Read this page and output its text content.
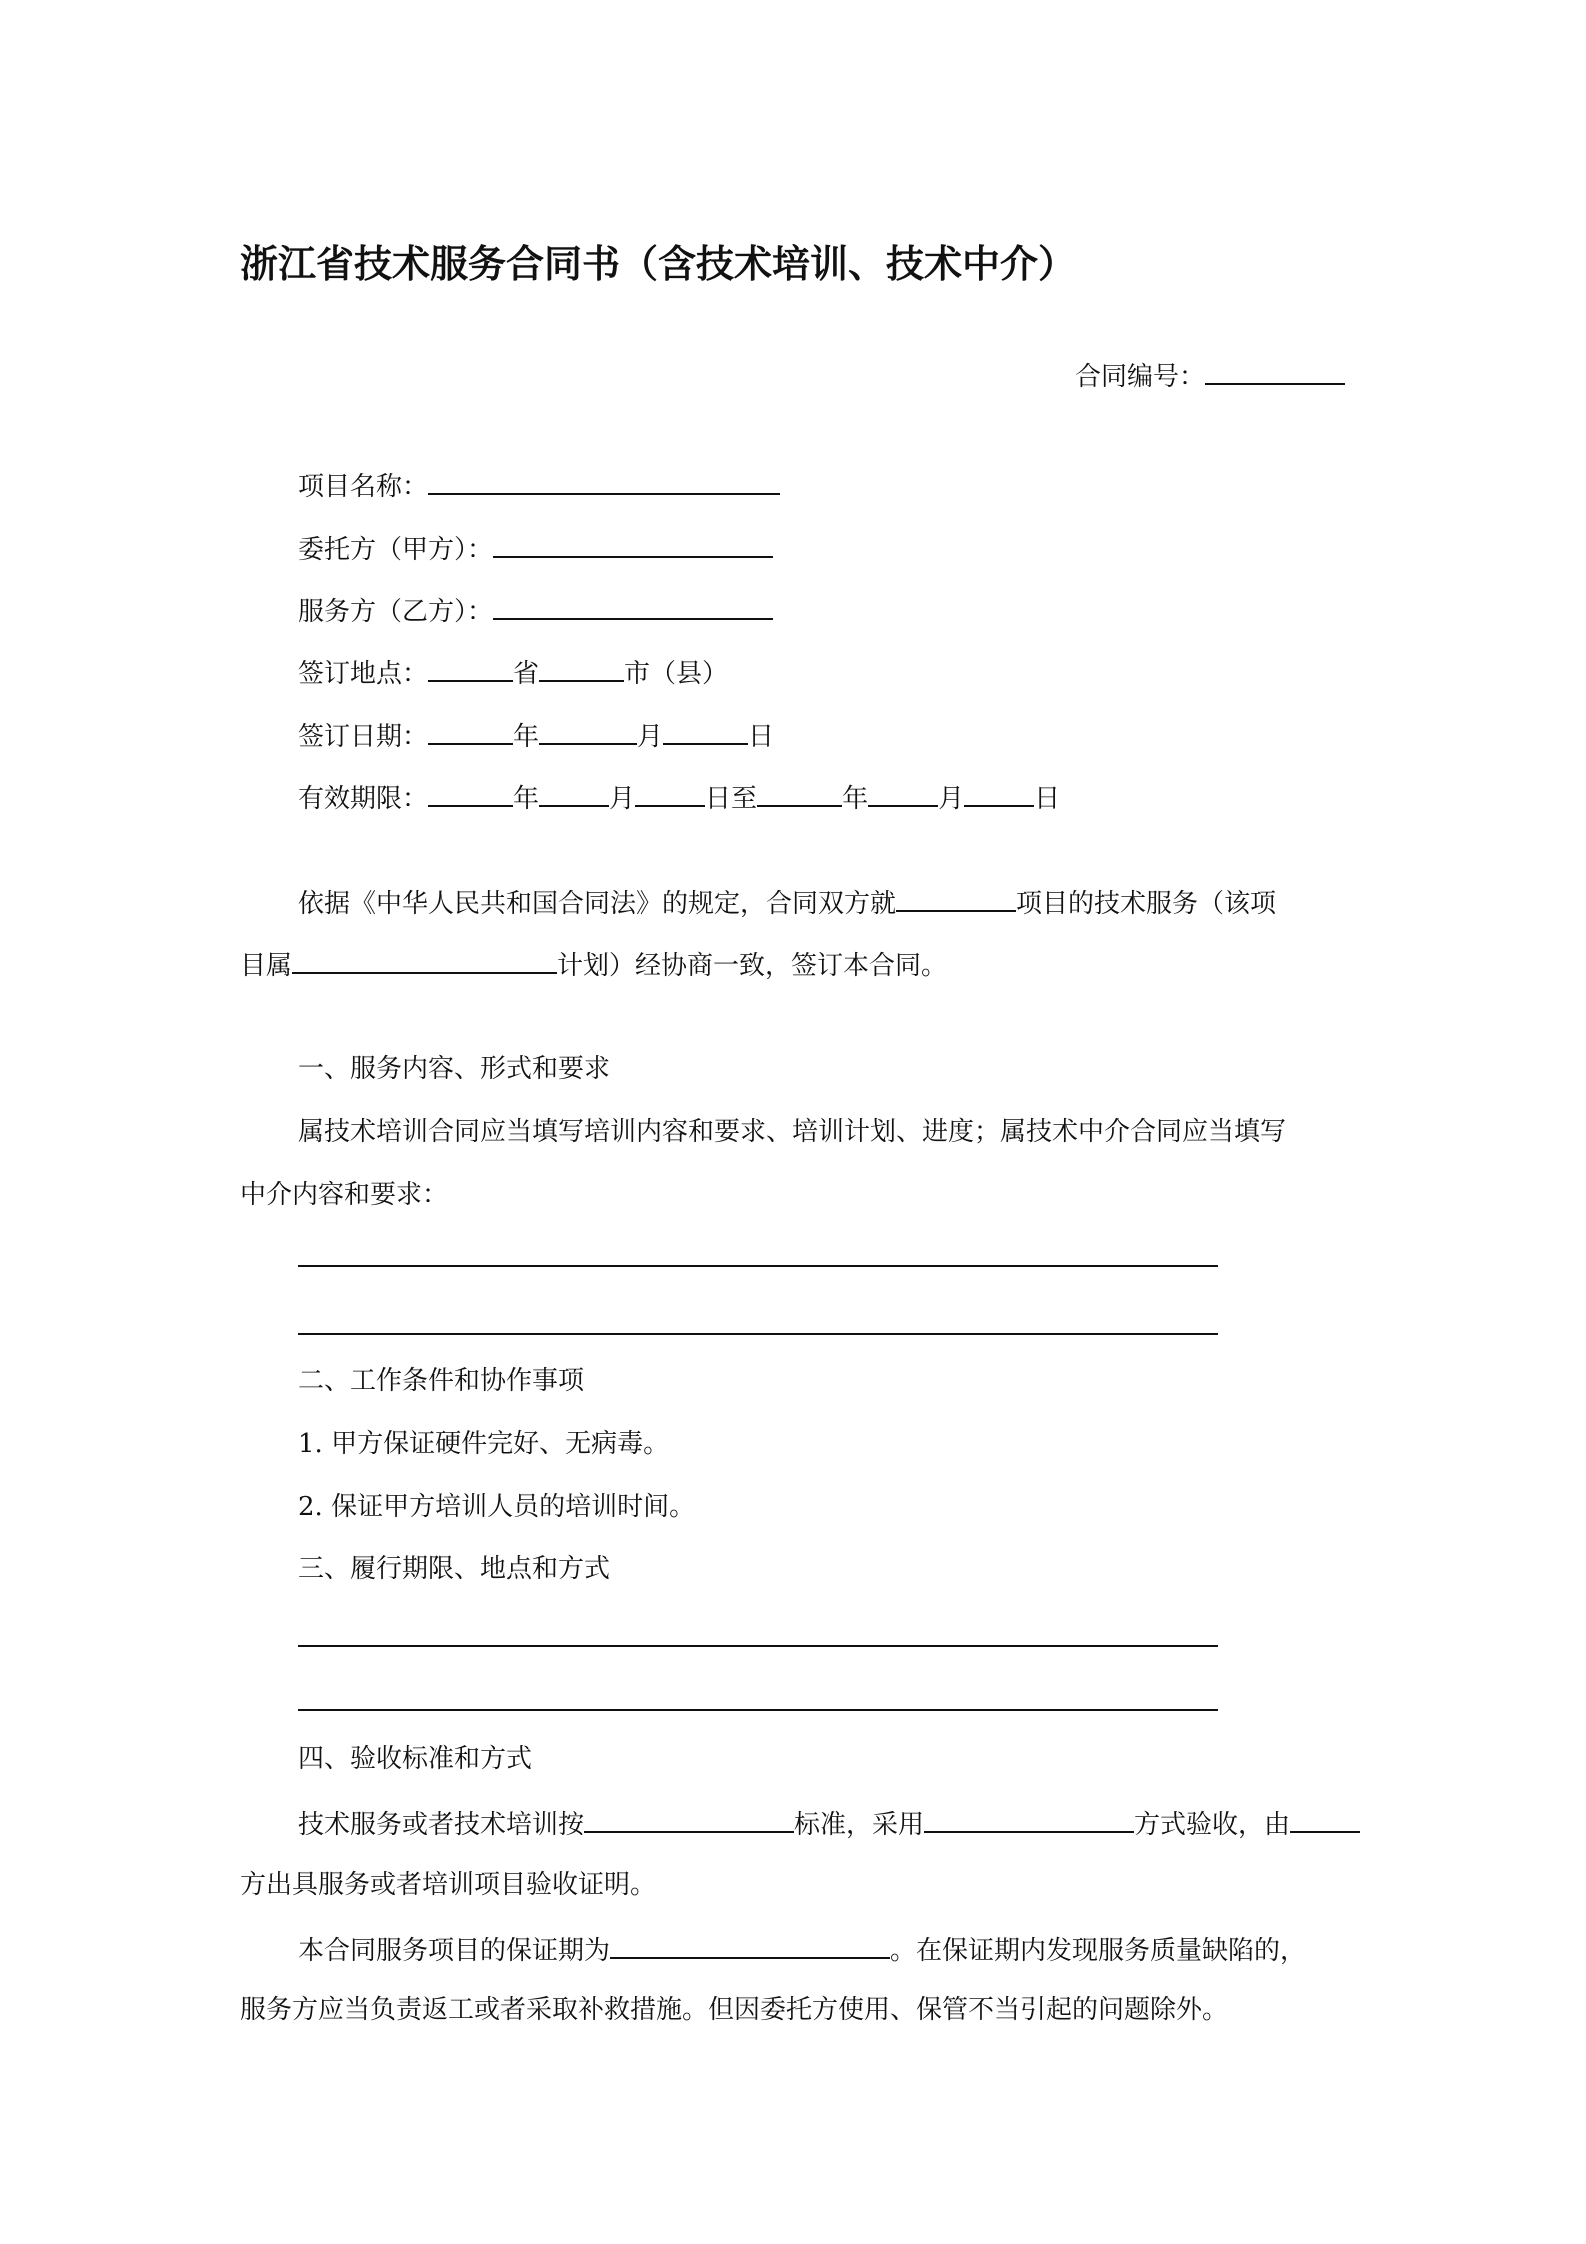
浙江省技术服务合同书（含技术培训、技术中介）
合同编号：
项目名称：
委托方（甲方）：
服务方（乙方）：
签订地点：	省	市（县）
签订日期：	年	月	日
有效期限：	年	月	日至	年	月	日
依据《中华人民共和国合同法》的规定，合同双方就	项目的技术服务（该项
目属	计划）经协商一致，签订本合同。
一、服务内容、形式和要求
属技术培训合同应当填写培训内容和要求、培训计划、进度；属技术中介合同应当填写
中介内容和要求：
二、工作条件和协作事项
1. 甲方保证硬件完好、无病毒。
2. 保证甲方培训人员的培训时间。
三、履行期限、地点和方式
四、验收标准和方式
技术服务或者技术培训按	标准，采用	方式验收，由
方出具服务或者培训项目验收证明。
本合同服务项目的保证期为	。在保证期内发现服务质量缺陷的，
服务方应当负责返工或者采取补救措施。但因委托方使用、保管不当引起的问题除外。
